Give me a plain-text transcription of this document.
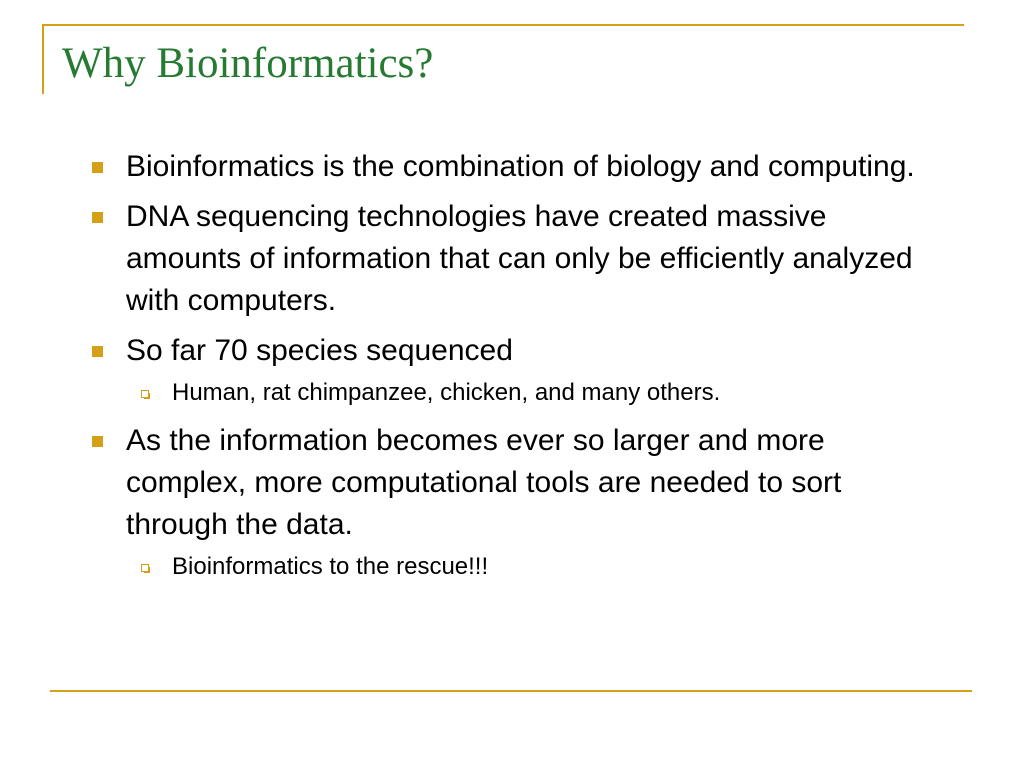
Why Bioinformatics?
Bioinformatics is the combination of biology and computing.
DNA sequencing technologies have created massive amounts of information that can only be efficiently analyzed with computers.
So far 70 species sequenced
Human, rat chimpanzee, chicken, and many others.
As the information becomes ever so larger and more complex, more computational tools are needed to sort through the data.
Bioinformatics to the rescue!!!
